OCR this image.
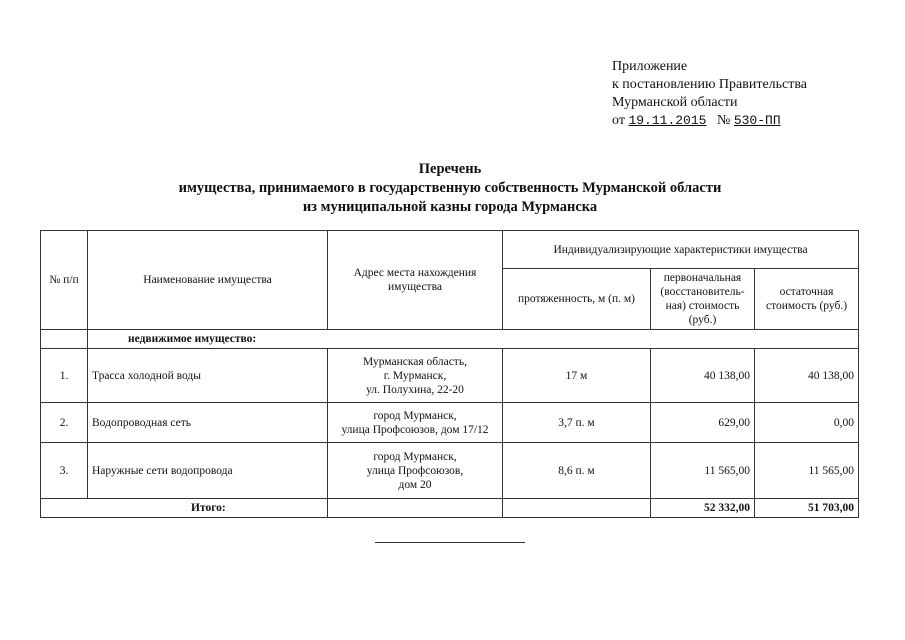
Приложение
к постановлению Правительства
Мурманской области
от 19.11.2015 № 530-ПП
Перечень
имущества, принимаемого в государственную собственность Мурманской области
из муниципальной казны города Мурманска
№ п/п	Наименование имущества	Адрес места нахождения имущества	Индивидуализирующие характеристики имущества		
			протяженность, м (п. м)	первоначальная (восстановитель-ная) стоимость (руб.)	остаточная стоимость (руб.)
	недвижимое имущество:				
1.	Трасса холодной воды	Мурманская область,
г. Мурманск,
ул. Полухина, 22-20	17 м	40 138,00	40 138,00
2.	Водопроводная сеть	город Мурманск,
улица Профсоюзов, дом 17/12	3,7 п. м	629,00	0,00
3.	Наружные сети водопровода	город Мурманск,
улица Профсоюзов,
дом 20	8,6 п. м	11 565,00	11 565,00
Итого:				52 332,00	51 703,00
